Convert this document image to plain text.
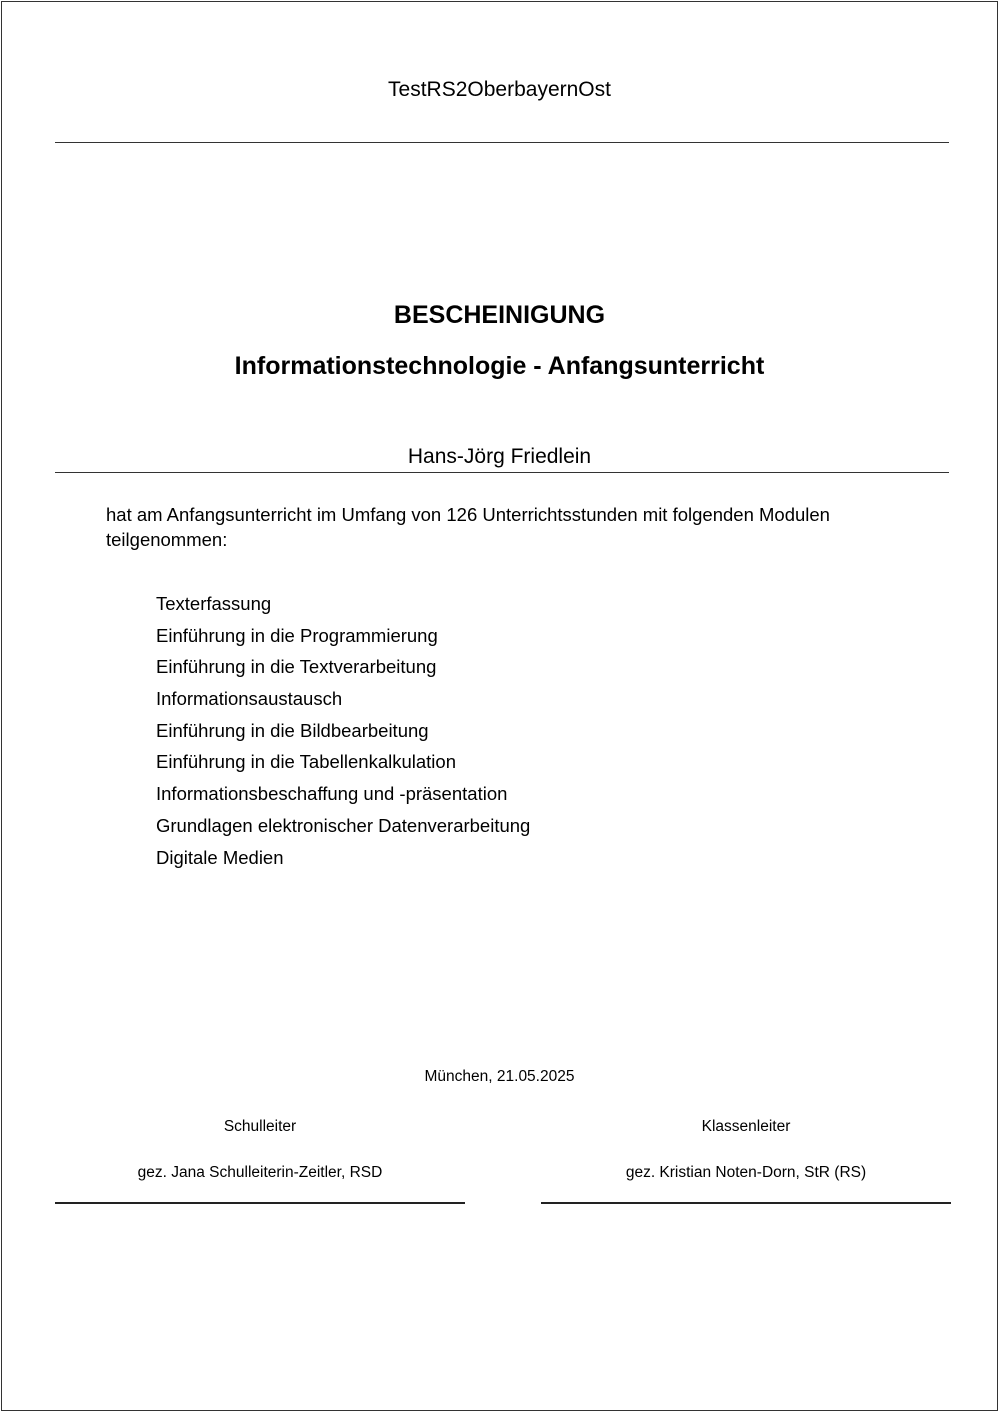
TestRS2OberbayernOst
BESCHEINIGUNG
Informationstechnologie - Anfangsunterricht
Hans-Jörg Friedlein
hat am Anfangsunterricht im Umfang von 126 Unterrichtsstunden mit folgenden Modulen teilgenommen:
Texterfassung
Einführung in die Programmierung
Einführung in die Textverarbeitung
Informationsaustausch
Einführung in die Bildbearbeitung
Einführung in die Tabellenkalkulation
Informationsbeschaffung und -präsentation
Grundlagen elektronischer Datenverarbeitung
Digitale Medien
München, 21.05.2025
Schulleiter
gez. Jana Schulleiterin-Zeitler, RSD
Klassenleiter
gez. Kristian Noten-Dorn, StR (RS)
